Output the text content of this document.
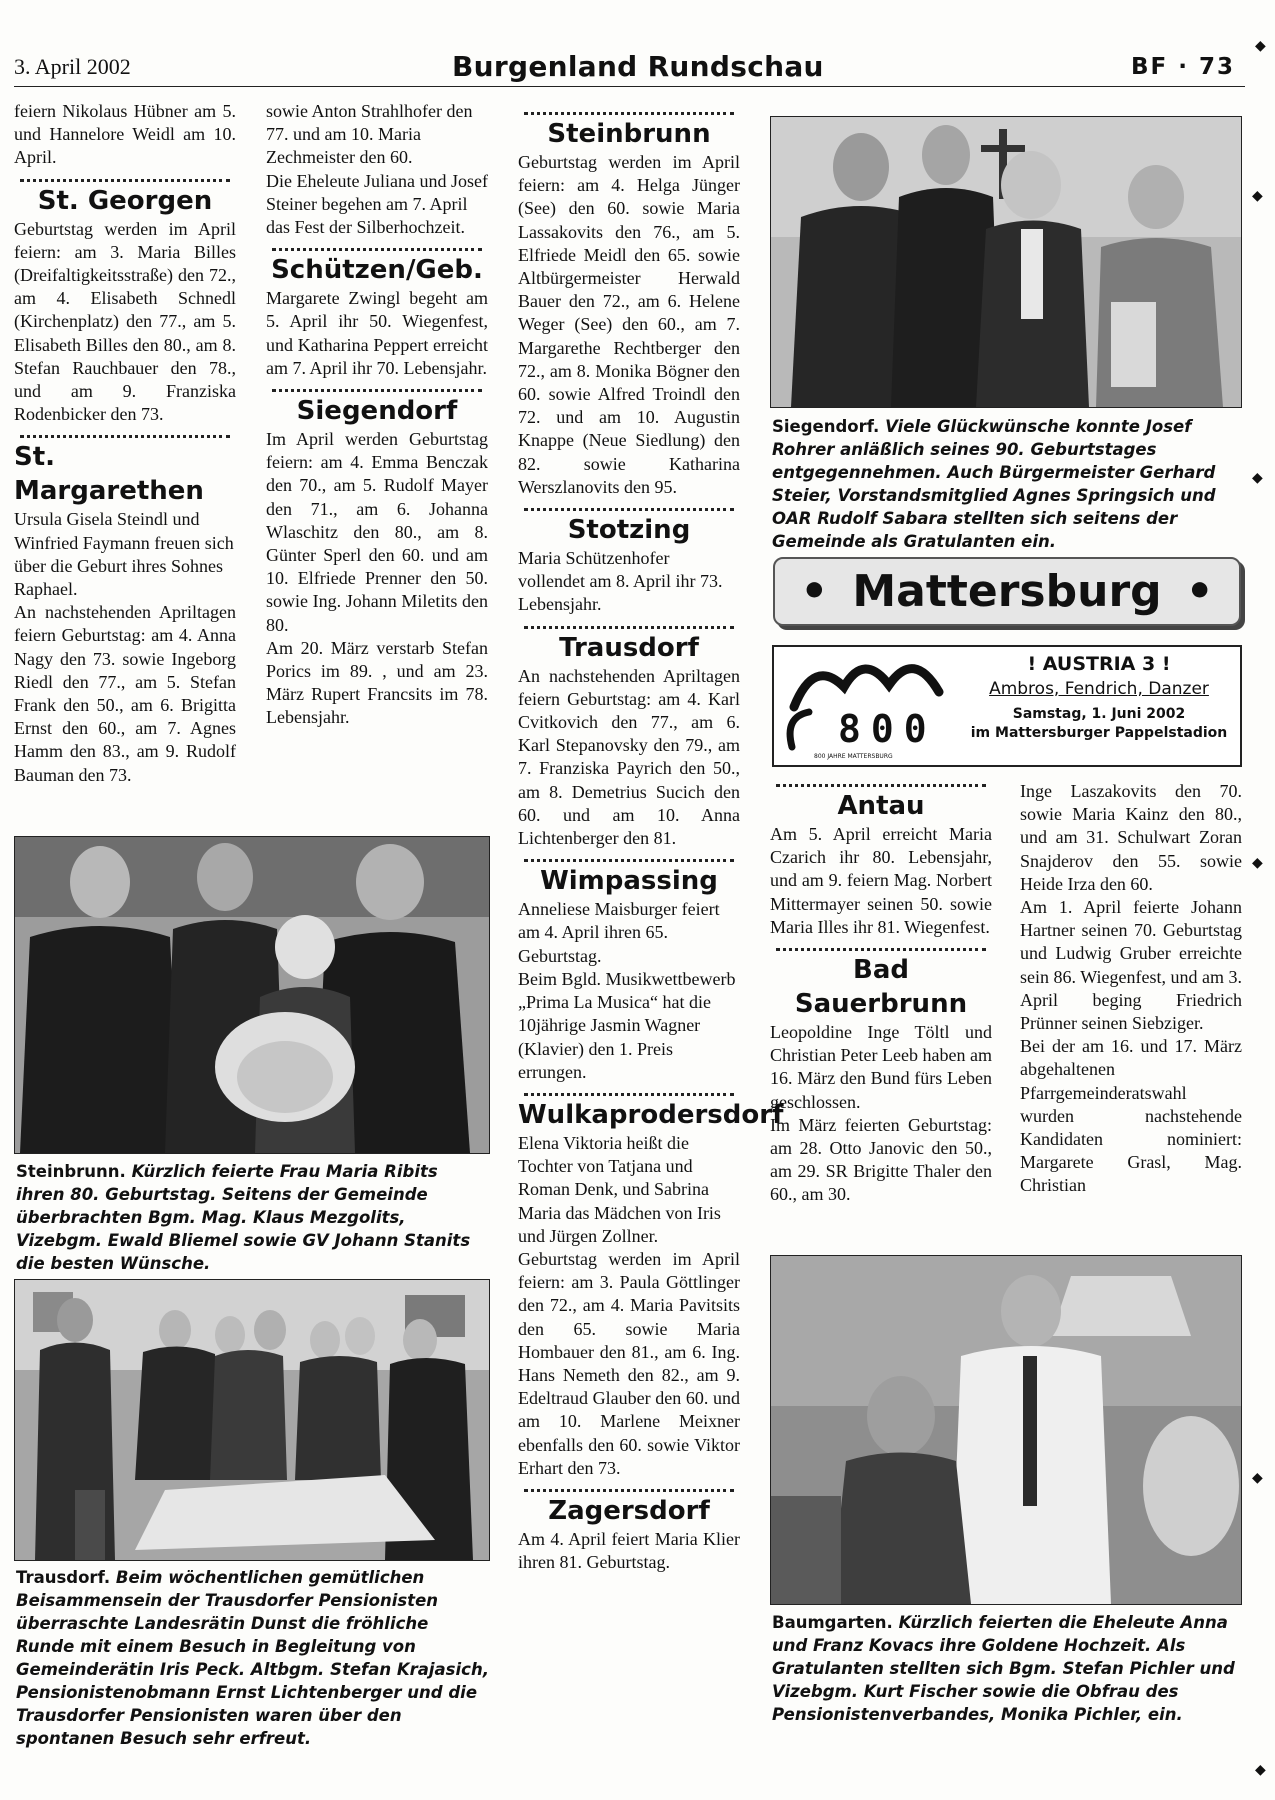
3. April 2002	Burgenland Rundschau	BF · 73

feiern Nikolaus Hübner am 5. und Hannelore Weidl am 10. April.

St. Georgen

Geburtstag werden im April feiern: am 3. Maria Billes (Dreifaltigkeitsstraße) den 72., am 4. Elisabeth Schnedl (Kirchenplatz) den 77., am 5. Elisabeth Billes den 80., am 8. Stefan Rauchbauer den 78., und am 9. Franziska Rodenbicker den 73.

St. Margarethen

Ursula Gisela Steindl und Winfried Faymann freuen sich über die Geburt ihres Sohnes Raphael.

An nachstehenden Apriltagen feiern Geburtstag: am 4. Anna Nagy den 73. sowie Ingeborg Riedl den 77., am 5. Stefan Frank den 50., am 6. Brigitta Ernst den 60., am 7. Agnes Hamm den 83., am 9. Rudolf Bauman den 73.

sowie Anton Strahlhofer den 77. und am 10. Maria Zechmeister den 60.

Die Eheleute Juliana und Josef Steiner begehen am 7. April das Fest der Silberhochzeit.

Schützen/Geb.

Margarete Zwingl begeht am 5. April ihr 50. Wiegenfest, und Katharina Peppert erreicht am 7. April ihr 70. Lebensjahr.

Siegendorf

Im April werden Geburtstag feiern: am 4. Emma Benczak den 70., am 5. Rudolf Mayer den 71., am 6. Johanna Wlaschitz den 80., am 8. Günter Sperl den 60. und am 10. Elfriede Prenner den 50. sowie Ing. Johann Miletits den 80.

Am 20. März verstarb Stefan Porics im 89. , und am 23. März Rupert Francsits im 78. Lebensjahr.

Steinbrunn

Geburtstag werden im April feiern: am 4. Helga Jünger (See) den 60. sowie Maria Lassakovits den 76., am 5. Elfriede Meidl den 65. sowie Altbürgermeister Herwald Bauer den 72., am 6. Helene Weger (See) den 60., am 7. Margarethe Rechtberger den 72., am 8. Monika Bögner den 60. sowie Alfred Troindl den 72. und am 10. Augustin Knappe (Neue Siedlung) den 82. sowie Katharina Werszlanovits den 95.

Stotzing

Maria Schützenhofer vollendet am 8. April ihr 73. Lebensjahr.

Trausdorf

An nachstehenden Apriltagen feiern Geburtstag: am 4. Karl Cvitkovich den 77., am 6. Karl Stepanovsky den 79., am 7. Franziska Payrich den 50., am 8. Demetrius Sucich den 60. und am 10. Anna Lichtenberger den 81.

Wimpassing

Anneliese Maisburger feiert am 4. April ihren 65. Geburtstag.

Beim Bgld. Musikwettbewerb „Prima La Musica“ hat die 10jährige Jasmin Wagner (Klavier) den 1. Preis errungen.

Wulkaprodersdorf

Elena Viktoria heißt die Tochter von Tatjana und Roman Denk, und Sabrina Maria das Mädchen von Iris und Jürgen Zollner.

Geburtstag werden im April feiern: am 3. Paula Göttlinger den 72., am 4. Maria Pavitsits den 65. sowie Maria Hombauer den 81., am 6. Ing. Hans Nemeth den 82., am 9. Edeltraud Glauber den 60. und am 10. Marlene Meixner ebenfalls den 60. sowie Viktor Erhart den 73.

Zagersdorf

Am 4. April feiert Maria Klier ihren 81. Geburtstag.

Antau

Am 5. April erreicht Maria Czarich ihr 80. Lebensjahr, und am 9. feiern Mag. Norbert Mittermayer seinen 50. sowie Maria Illes ihr 81. Wiegenfest.

Bad Sauerbrunn

Leopoldine Inge Töltl und Christian Peter Leeb haben am 16. März den Bund fürs Leben geschlossen.

Im März feierten Geburtstag: am 28. Otto Janovic den 50., am 29. SR Brigitte Thaler den 60., am 30.

Inge Laszakovits den 70. sowie Maria Kainz den 80., und am 31. Schulwart Zoran Snajderov den 55. sowie Heide Irza den 60.

Am 1. April feierte Johann Hartner seinen 70. Geburtstag und Ludwig Gruber erreichte sein 86. Wiegenfest, und am 3. April beging Friedrich Prünner seinen Siebziger.

Bei der am 16. und 17. März abgehaltenen Pfarrgemeinderatswahl wurden nachstehende Kandidaten nominiert: Margarete Grasl, Mag. Christian

Siegendorf. Viele Glückwünsche konnte Josef Rohrer anläßlich seines 90. Geburtstages entgegennehmen. Auch Bürgermeister Gerhard Steier, Vorstandsmitglied Agnes Springsich und OAR Rudolf Sabara stellten sich seitens der Gemeinde als Gratulanten ein.
• Mattersburg •
800
800 JAHRE MATTERSBURG
! AUSTRIA 3 !
Ambros, Fendrich, Danzer
Samstag, 1. Juni 2002
im Mattersburger Pappelstadion
Steinbrunn. Kürzlich feierte Frau Maria Ribits ihren 80. Geburtstag. Seitens der Gemeinde überbrachten Bgm. Mag. Klaus Mezgolits, Vizebgm. Ewald Bliemel sowie GV Johann Stanits die besten Wünsche.
Trausdorf. Beim wöchentlichen gemütlichen Beisammensein der Trausdorfer Pensionisten überraschte Landesrätin Dunst die fröhliche Runde mit einem Besuch in Begleitung von Gemeinderätin Iris Peck. Altbgm. Stefan Krajasich, Pensionistenobmann Ernst Lichtenberger und die Trausdorfer Pensionisten waren über den spontanen Besuch sehr erfreut.
Baumgarten. Kürzlich feierten die Eheleute Anna und Franz Kovacs ihre Goldene Hochzeit. Als Gratulanten stellten sich Bgm. Stefan Pichler und Vizebgm. Kurt Fischer sowie die Obfrau des Pensionistenverbandes, Monika Pichler, ein.
◆
◆
◆
◆
◆
◆
